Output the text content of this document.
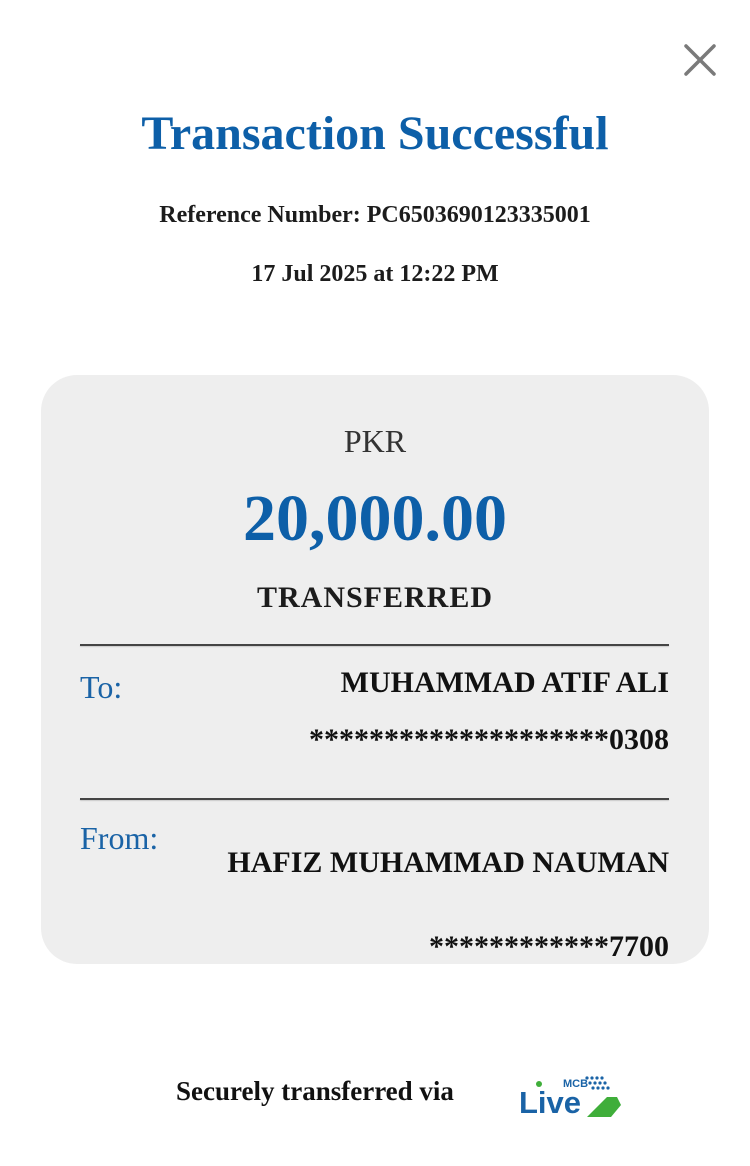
Transaction Successful
Reference Number: PC6503690123335001
17 Jul 2025 at 12:22 PM
PKR
20,000.00
TRANSFERRED
To:	MUHAMMAD ATIF ALI
********************0308
From:
HAFIZ MUHAMMAD NAUMAN
************7700
Securely transferred via	MCB
Live
